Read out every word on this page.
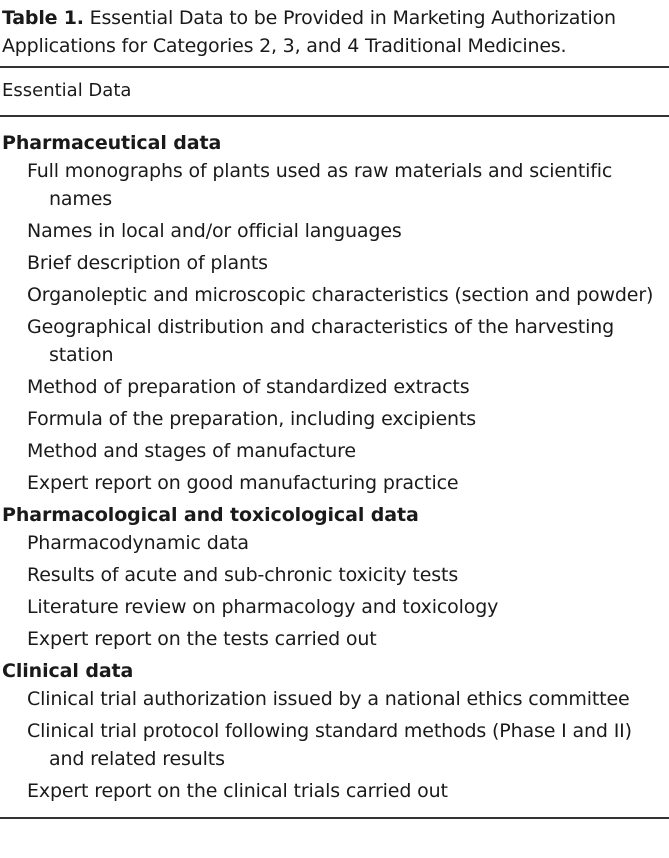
Table 1. Essential Data to be Provided in Marketing Authorization Applications for Categories 2, 3, and 4 Traditional Medicines.
Essential Data
Pharmaceutical data
Full monographs of plants used as raw materials and scientific names
Names in local and/or official languages
Brief description of plants
Organoleptic and microscopic characteristics (section and powder)
Geographical distribution and characteristics of the harvesting station
Method of preparation of standardized extracts
Formula of the preparation, including excipients
Method and stages of manufacture
Expert report on good manufacturing practice
Pharmacological and toxicological data
Pharmacodynamic data
Results of acute and sub-chronic toxicity tests
Literature review on pharmacology and toxicology
Expert report on the tests carried out
Clinical data
Clinical trial authorization issued by a national ethics committee
Clinical trial protocol following standard methods (Phase I and II) and related results
Expert report on the clinical trials carried out
